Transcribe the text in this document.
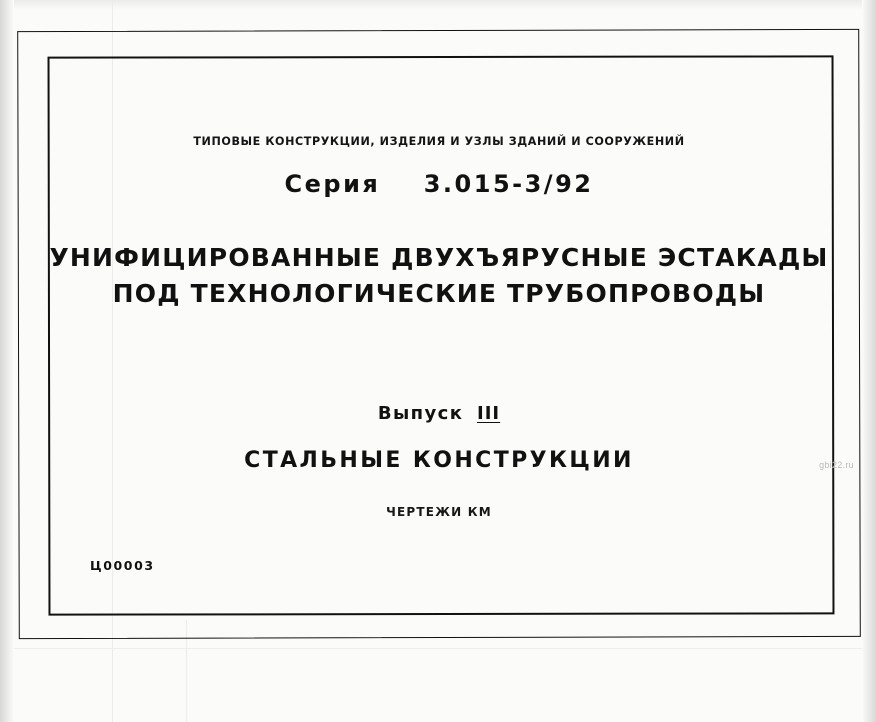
ТИПОВЫЕ КОНСТРУКЦИИ, ИЗДЕЛИЯ И УЗЛЫ ЗДАНИЙ И СООРУЖЕНИЙ
Серия 3.015-3/92
УНИФИЦИРОВАННЫЕ ДВУХЪЯРУСНЫЕ ЭСТАКАДЫ
ПОД ТЕХНОЛОГИЧЕСКИЕ ТРУБОПРОВОДЫ
Выпуск III
СТАЛЬНЫЕ КОНСТРУКЦИИ
ЧЕРТЕЖИ КМ
Ц00003
gbi22.ru
